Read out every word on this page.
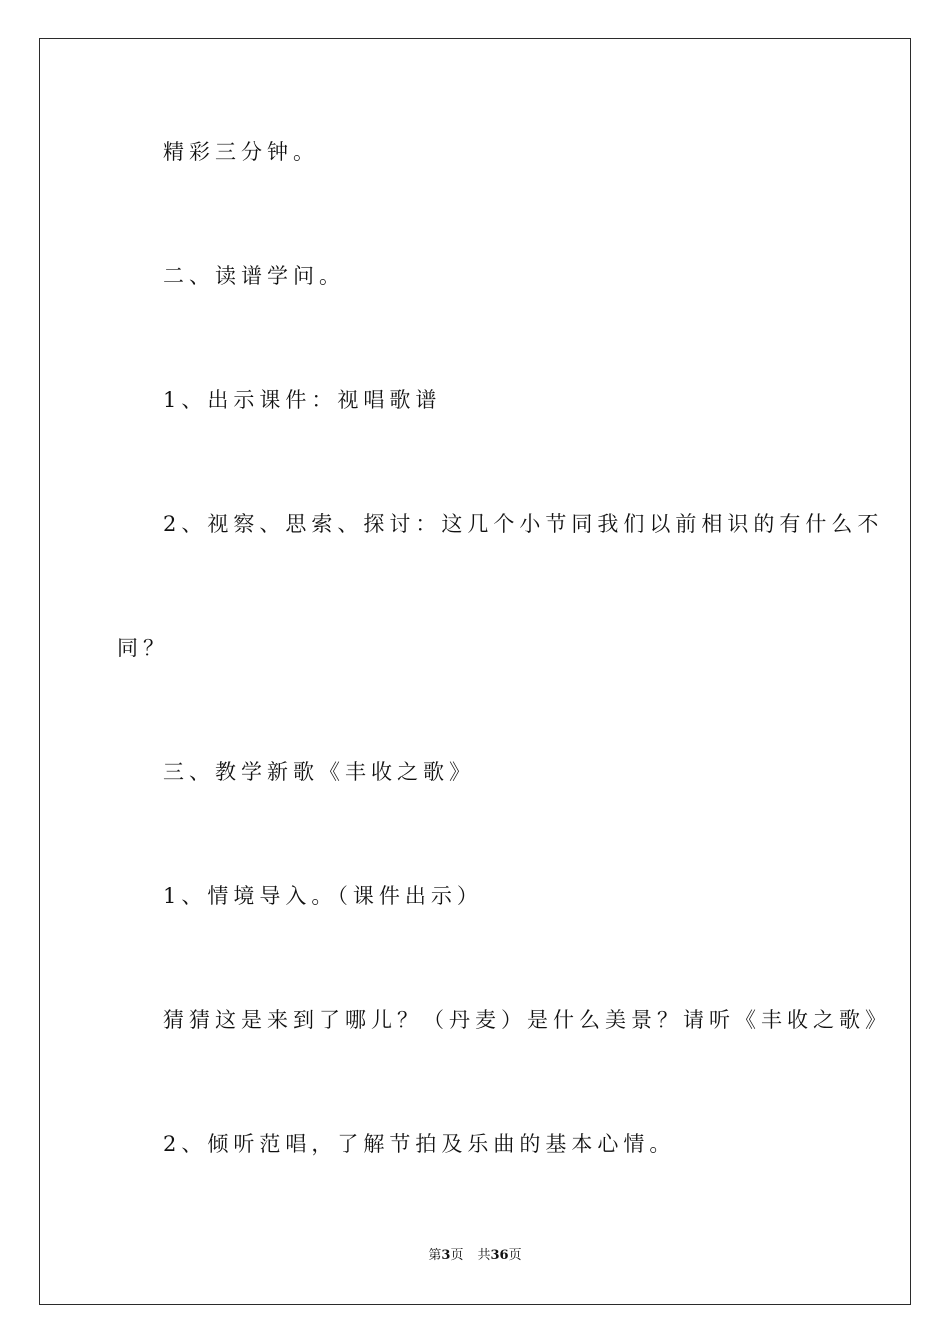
精彩三分钟。
二、读谱学问。
1、出示课件：视唱歌谱
2、视察、思索、探讨：这几个小节同我们以前相识的有什么不
同？
三、教学新歌《丰收之歌》
1、情境导入。（课件出示）
猜猜这是来到了哪儿？（丹麦）是什么美景？请听《丰收之歌》
2、倾听范唱，了解节拍及乐曲的基本心情。
第3页 共36页
